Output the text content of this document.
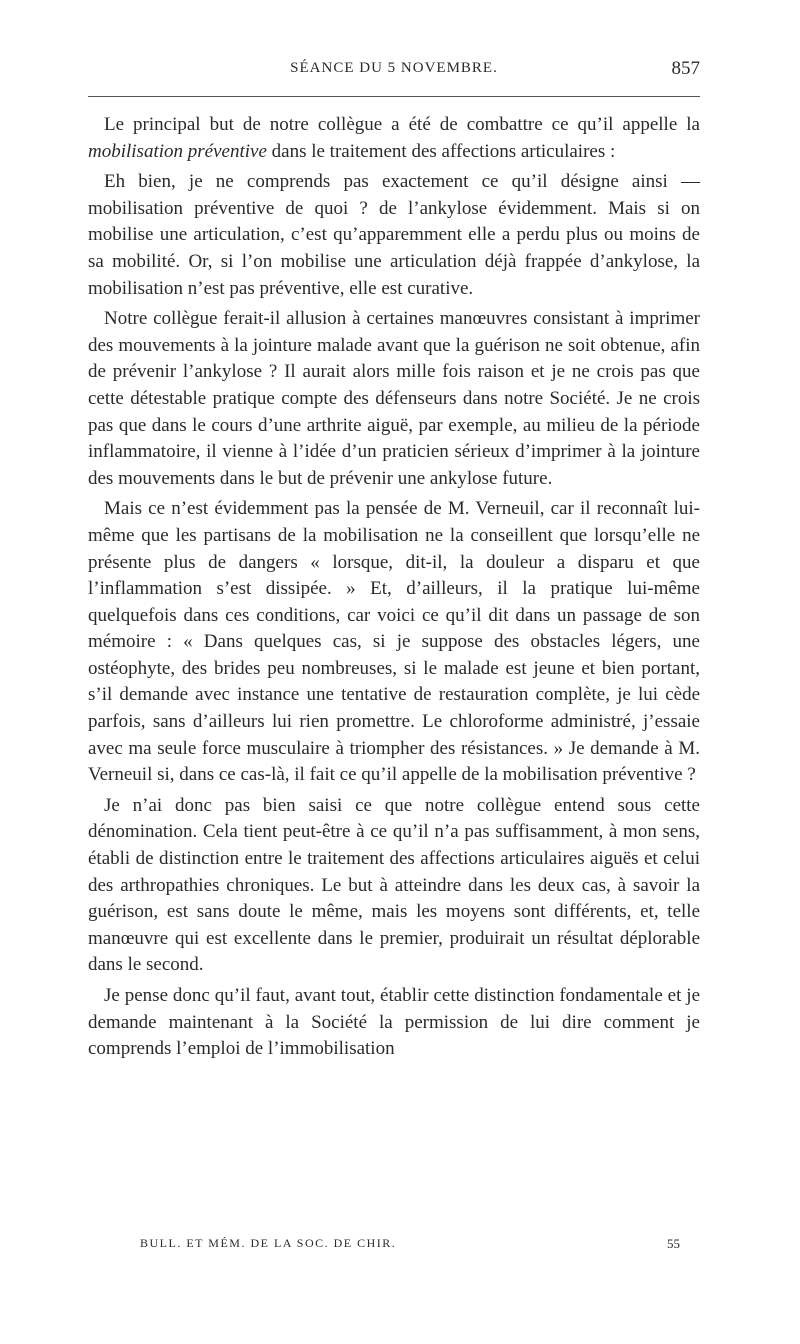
SÉANCE DU 5 NOVEMBRE.	857

Le principal but de notre collègue a été de combattre ce qu’il appelle la mobilisation préventive dans le traitement des affections articulaires :

Eh bien, je ne comprends pas exactement ce qu’il désigne ainsi — mobilisation préventive de quoi ? de l’ankylose évidemment. Mais si on mobilise une articulation, c’est qu’apparemment elle a perdu plus ou moins de sa mobilité. Or, si l’on mobilise une articulation déjà frappée d’ankylose, la mobilisation n’est pas préventive, elle est curative.

Notre collègue ferait-il allusion à certaines manœuvres consistant à imprimer des mouvements à la jointure malade avant que la guérison ne soit obtenue, afin de prévenir l’ankylose ? Il aurait alors mille fois raison et je ne crois pas que cette détestable pratique compte des défenseurs dans notre Société. Je ne crois pas que dans le cours d’une arthrite aiguë, par exemple, au milieu de la période inflammatoire, il vienne à l’idée d’un praticien sérieux d’imprimer à la jointure des mouvements dans le but de prévenir une ankylose future.

Mais ce n’est évidemment pas la pensée de M. Verneuil, car il reconnaît lui-même que les partisans de la mobilisation ne la conseillent que lorsqu’elle ne présente plus de dangers « lorsque, dit-il, la douleur a disparu et que l’inflammation s’est dissipée. » Et, d’ailleurs, il la pratique lui-même quelquefois dans ces conditions, car voici ce qu’il dit dans un passage de son mémoire : « Dans quelques cas, si je suppose des obstacles légers, une ostéophyte, des brides peu nombreuses, si le malade est jeune et bien portant, s’il demande avec instance une tentative de restauration complète, je lui cède parfois, sans d’ailleurs lui rien promettre. Le chloroforme administré, j’essaie avec ma seule force musculaire à triompher des résistances. » Je demande à M. Verneuil si, dans ce cas-là, il fait ce qu’il appelle de la mobilisation préventive ?

Je n’ai donc pas bien saisi ce que notre collègue entend sous cette dénomination. Cela tient peut-être à ce qu’il n’a pas suffisamment, à mon sens, établi de distinction entre le traitement des affections articulaires aiguës et celui des arthropathies chroniques. Le but à atteindre dans les deux cas, à savoir la guérison, est sans doute le même, mais les moyens sont différents, et, telle manœuvre qui est excellente dans le premier, produirait un résultat déplorable dans le second.

Je pense donc qu’il faut, avant tout, établir cette distinction fondamentale et je demande maintenant à la Société la permission de lui dire comment je comprends l’emploi de l’immobilisation

BULL. ET MÉM. DE LA SOC. DE CHIR.	55
